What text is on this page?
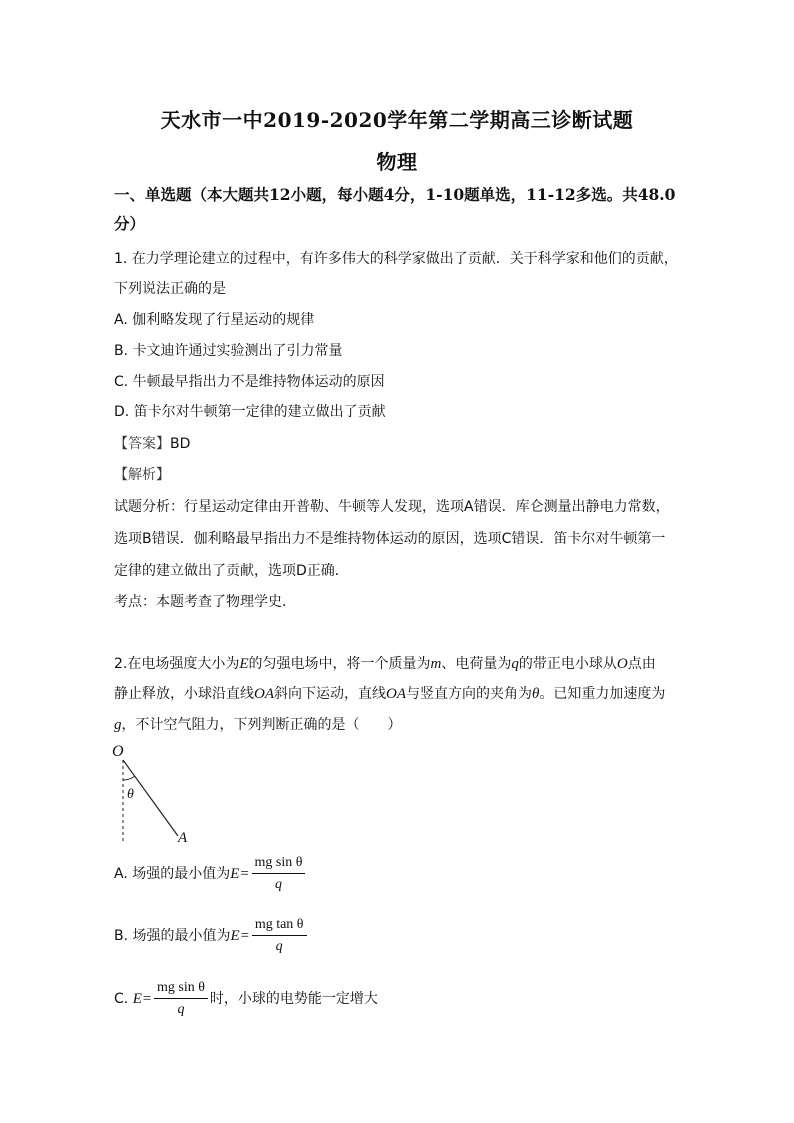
天水市一中2019-2020学年第二学期高三诊断试题
物理
一、单选题（本大题共12小题，每小题4分，1-10题单选，11-12多选。共48.0
分）
1. 在力学理论建立的过程中，有许多伟大的科学家做出了贡献．关于科学家和他们的贡献，
下列说法正确的是
A. 伽利略发现了行星运动的规律
B. 卡文迪许通过实验测出了引力常量
C. 牛顿最早指出力不是维持物体运动的原因
D. 笛卡尔对牛顿第一定律的建立做出了贡献
【答案】BD
【解析】
试题分析：行星运动定律由开普勒、牛顿等人发现，选项A错误．库仑测量出静电力常数，
选项B错误．伽利略最早指出力不是维持物体运动的原因，选项C错误．笛卡尔对牛顿第一
定律的建立做出了贡献，选项D正确．
考点：本题考查了物理学史．
2.在电场强度大小为E的匀强电场中，将一个质量为m、电荷量为q的带正电小球从O点由
静止释放，小球沿直线OA斜向下运动，直线OA与竖直方向的夹角为θ。已知重力加速度为
g，不计空气阻力，下列判断正确的是（　　）
O
θ
A
A. 场强的最小值为$E= \frac{\text{mg sin θ}}{q}$
B. 场强的最小值为$E= \frac{\text{mg tan θ}}{q}$
C. $E= \frac{\text{mg sin θ}}{q}$ 时，小球的电势能一定增大
